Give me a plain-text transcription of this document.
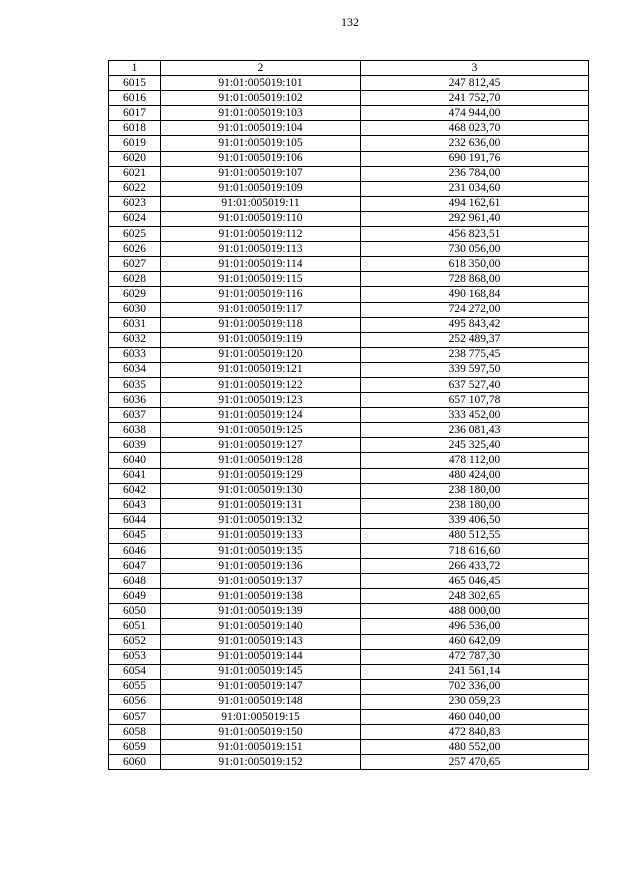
132
1	2	3
6015	91:01:005019:101	247 812,45
6016	91:01:005019:102	241 752,70
6017	91:01:005019:103	474 944,00
6018	91:01:005019:104	468 023,70
6019	91:01:005019:105	232 636,00
6020	91:01:005019:106	690 191,76
6021	91:01:005019:107	236 784,00
6022	91:01:005019:109	231 034,60
6023	91:01:005019:11	494 162,61
6024	91:01:005019:110	292 961,40
6025	91:01:005019:112	456 823,51
6026	91:01:005019:113	730 056,00
6027	91:01:005019:114	618 350,00
6028	91:01:005019:115	728 868,00
6029	91:01:005019:116	490 168,84
6030	91:01:005019:117	724 272,00
6031	91:01:005019:118	495 843,42
6032	91:01:005019:119	252 489,37
6033	91:01:005019:120	238 775,45
6034	91:01:005019:121	339 597,50
6035	91:01:005019:122	637 527,40
6036	91:01:005019:123	657 107,78
6037	91:01:005019:124	333 452,00
6038	91:01:005019:125	236 081,43
6039	91:01:005019:127	245 325,40
6040	91:01:005019:128	478 112,00
6041	91:01:005019:129	480 424,00
6042	91:01:005019:130	238 180,00
6043	91:01:005019:131	238 180,00
6044	91:01:005019:132	339 406,50
6045	91:01:005019:133	480 512,55
6046	91:01:005019:135	718 616,60
6047	91:01:005019:136	266 433,72
6048	91:01:005019:137	465 046,45
6049	91:01:005019:138	248 302,65
6050	91:01:005019:139	488 000,00
6051	91:01:005019:140	496 536,00
6052	91:01:005019:143	460 642,09
6053	91:01:005019:144	472 787,30
6054	91:01:005019:145	241 561,14
6055	91:01:005019:147	702 336,00
6056	91:01:005019:148	230 059,23
6057	91:01:005019:15	460 040,00
6058	91:01:005019:150	472 840,83
6059	91:01:005019:151	480 552,00
6060	91:01:005019:152	257 470,65
